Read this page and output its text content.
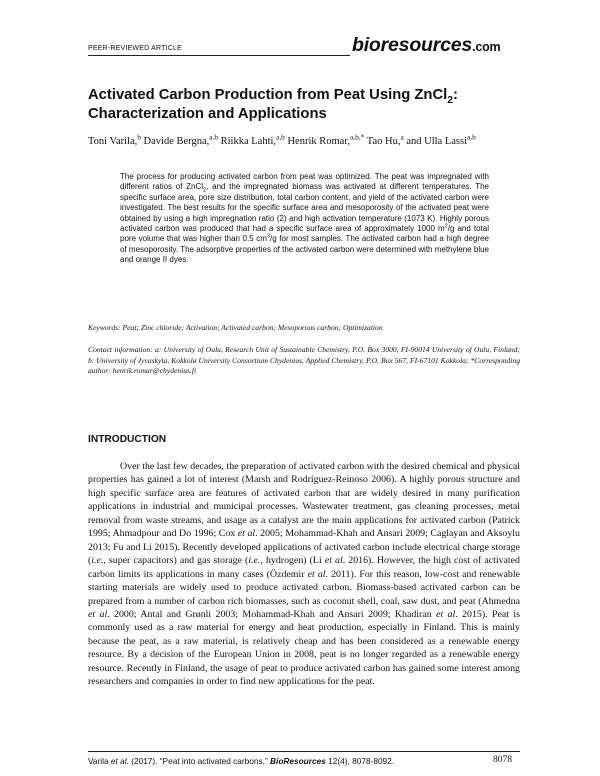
PEER-REVIEWED ARTICLE	bioresources.com
Activated Carbon Production from Peat Using ZnCl$_2$: Characterization and Applications
Toni Varila,$^b$ Davide Bergna,$^{a,b}$ Riikka Lahti,$^{a,b}$ Henrik Romar,$^{a,b,*}$ Tao Hu,$^a$ and Ulla Lassi$^{a,b}$
The process for producing activated carbon from peat was optimized. The peat was impregnated with different ratios of ZnCl$_2$, and the impregnated biomass was activated at different temperatures. The specific surface area, pore size distribution, total carbon content, and yield of the activated carbon were investigated. The best results for the specific surface area and mesoporosity of the activated peat were obtained by using a high impregnation ratio (2) and high activation temperature (1073 K). Highly porous activated carbon was produced that had a specific surface area of approximately 1000 $m^2/g$ and total pore volume that was higher than 0.5 $cm^3/g$ for most samples. The activated carbon had a high degree of mesoporosity. The adsorptive properties of the activated carbon were determined with methylene blue and orange II dyes.
Keywords: Peat; Zinc chloride; Activation; Activated carbon; Mesoporous carbon; Optimization
Contact information: a: University of Oulu, Research Unit of Sustainable Chemistry, P.O. Box 3000, FI-90014 University of Oulu, Finland; b: University of Jyvaskyla, Kokkola University Consortium Chydenius, Applied Chemistry, P.O. Box 567, FI-67101 Kokkola; *Corresponding author: henrik.romar@chydenius.fi
INTRODUCTION
Over the last few decades, the preparation of activated carbon with the desired chemical and physical properties has gained a lot of interest (Marsh and Rodríguez-Reinoso 2006). A highly porous structure and high specific surface area are features of activated carbon that are widely desired in many purification applications in industrial and municipal processes. Wastewater treatment, gas cleaning processes, metal removal from waste streams, and usage as a catalyst are the main applications for activated carbon (Patrick 1995; Ahmadpour and Do 1996; Cox et al. 2005; Mohammad-Khah and Ansari 2009; Caglayan and Aksoylu 2013; Fu and Li 2015). Recently developed applications of activated carbon include electrical charge storage (i.e., super capacitors) and gas storage (i.e., hydrogen) (Li et al. 2016). However, the high cost of activated carbon limits its applications in many cases (Özdemir et al. 2011). For this reason, low-cost and renewable starting materials are widely used to produce activated carbon. Biomass-based activated carbon can be prepared from a number of carbon rich biomasses, such as coconut shell, coal, saw dust, and peat (Ahmedna et al. 2000; Antal and Grønli 2003; Mohammad-Khah and Ansari 2009; Khadiran et al. 2015). Peat is commonly used as a raw material for energy and heat production, especially in Finland. This is mainly because the peat, as a raw material, is relatively cheap and has been considered as a renewable energy resource. By a decision of the European Union in 2008, peat is no longer regarded as a renewable energy resource. Recently in Finland, the usage of peat to produce activated carbon has gained some interest among researchers and companies in order to find new applications for the peat.
Varila et al. (2017). “Peat into activated carbons,” BioResources 12(4), 8078-8092.	8078
